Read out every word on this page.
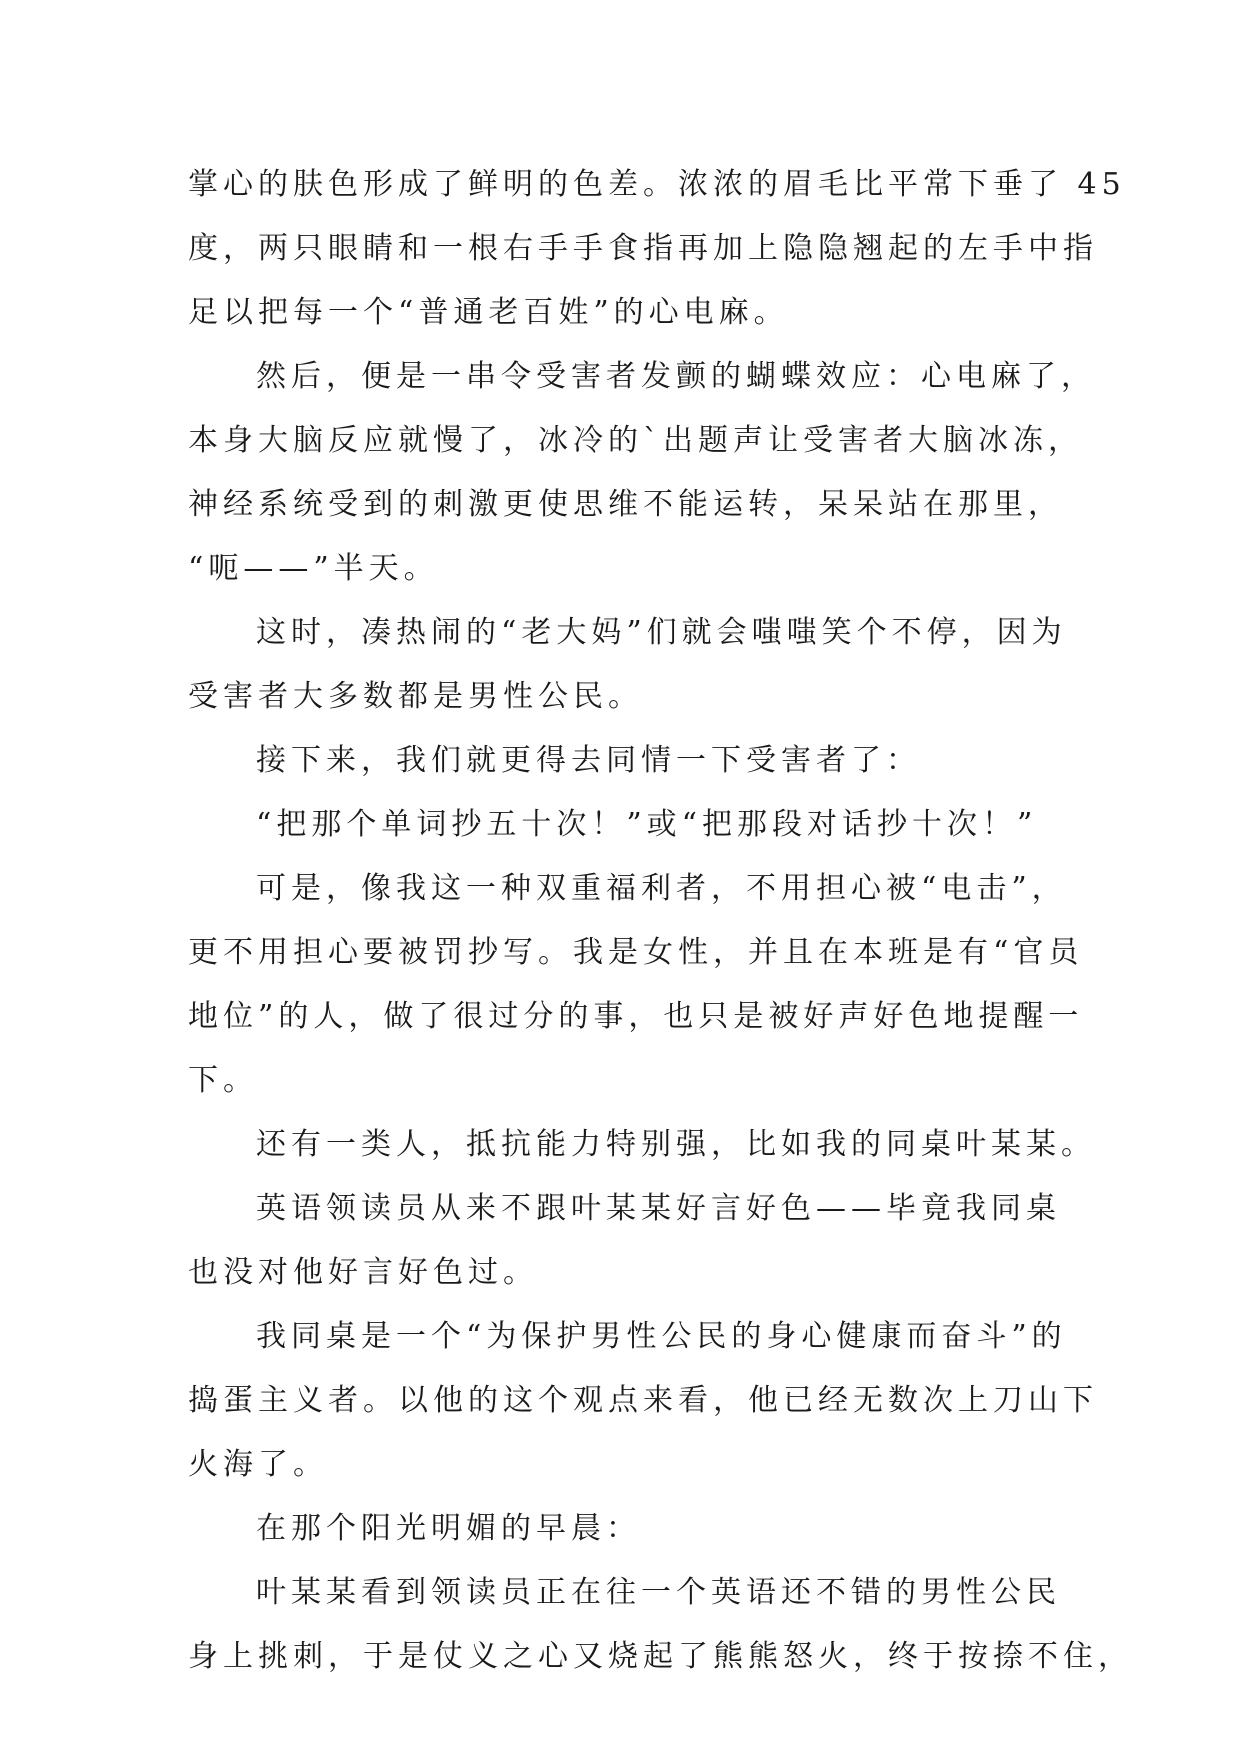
掌心的肤色形成了鲜明的色差。浓浓的眉毛比平常下垂了 45
度，两只眼睛和一根右手手食指再加上隐隐翘起的左手中指
足以把每一个“普通老百姓”的心电麻。
然后，便是一串令受害者发颤的蝴蝶效应：心电麻了，
本身大脑反应就慢了，冰冷的`出题声让受害者大脑冰冻，
神经系统受到的刺激更使思维不能运转，呆呆站在那里，
“呃——”半天。
这时，凑热闹的“老大妈”们就会嗤嗤笑个不停，因为
受害者大多数都是男性公民。
接下来，我们就更得去同情一下受害者了：
“把那个单词抄五十次！”或“把那段对话抄十次！”
可是，像我这一种双重福利者，不用担心被“电击”，
更不用担心要被罚抄写。我是女性，并且在本班是有“官员
地位”的人，做了很过分的事，也只是被好声好色地提醒一
下。
还有一类人，抵抗能力特别强，比如我的同桌叶某某。
英语领读员从来不跟叶某某好言好色——毕竟我同桌
也没对他好言好色过。
我同桌是一个“为保护男性公民的身心健康而奋斗”的
捣蛋主义者。以他的这个观点来看，他已经无数次上刀山下
火海了。
在那个阳光明媚的早晨：
叶某某看到领读员正在往一个英语还不错的男性公民
身上挑刺，于是仗义之心又烧起了熊熊怒火，终于按捺不住，
